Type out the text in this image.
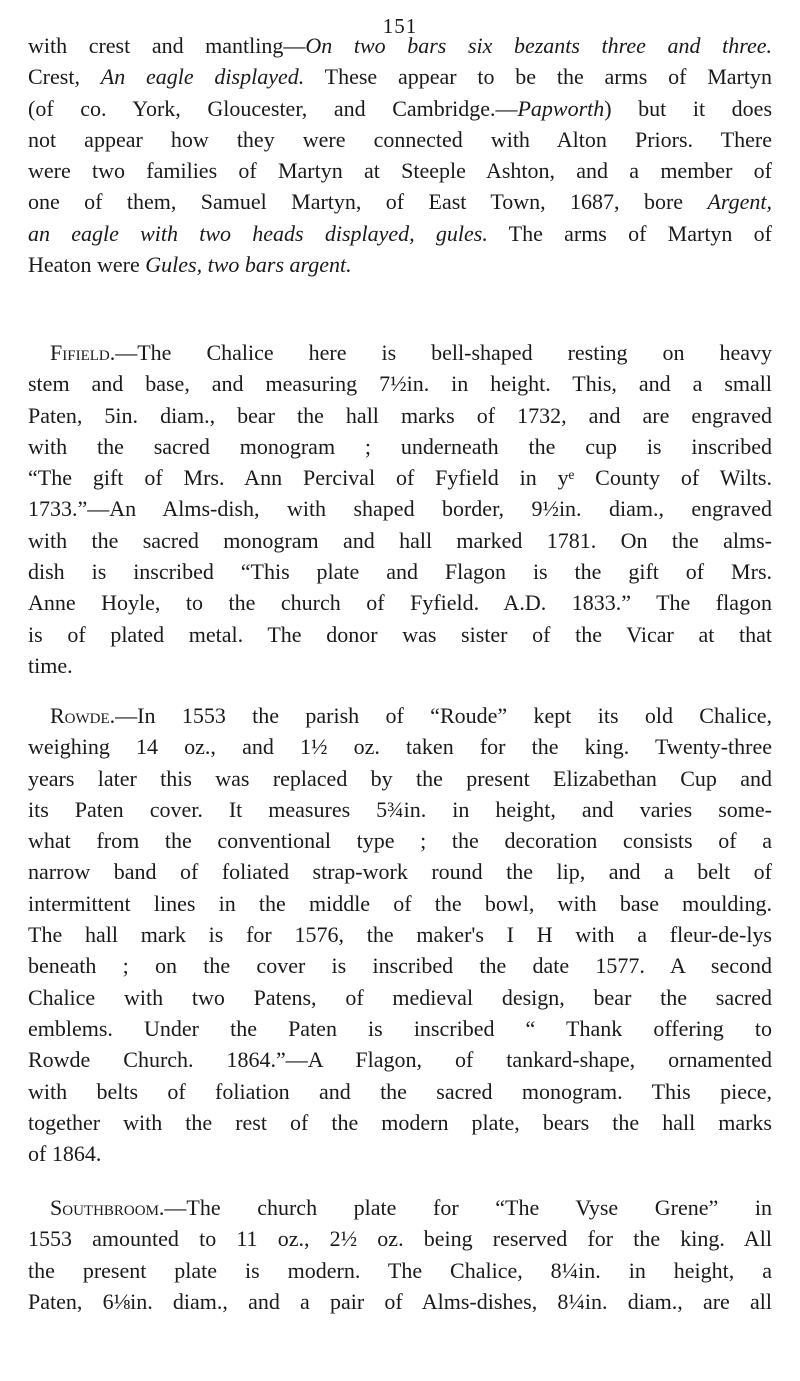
151
with crest and mantling—On two bars six bezants three and three.
Crest, An eagle displayed. These appear to be the arms of Martyn
(of co. York, Gloucester, and Cambridge.—Papworth) but it does
not appear how they were connected with Alton Priors. There
were two families of Martyn at Steeple Ashton, and a member of
one of them, Samuel Martyn, of East Town, 1687, bore Argent,
an eagle with two heads displayed, gules. The arms of Martyn of
Heaton were Gules, two bars argent.
Fifield.—The Chalice here is bell-shaped resting on heavy
stem and base, and measuring 7½in. in height. This, and a small
Paten, 5in. diam., bear the hall marks of 1732, and are engraved
with the sacred monogram ; underneath the cup is inscribed
“The gift of Mrs. Ann Percival of Fyfield in yᵉ County of Wilts.
1733.”—An Alms-dish, with shaped border, 9½in. diam., engraved
with the sacred monogram and hall marked 1781. On the alms-
dish is inscribed “This plate and Flagon is the gift of Mrs.
Anne Hoyle, to the church of Fyfield. A.D. 1833.” The flagon
is of plated metal. The donor was sister of the Vicar at that
time.
Rowde.—In 1553 the parish of “Roude” kept its old Chalice,
weighing 14 oz., and 1½ oz. taken for the king. Twenty-three
years later this was replaced by the present Elizabethan Cup and
its Paten cover. It measures 5¾in. in height, and varies some-
what from the conventional type ; the decoration consists of a
narrow band of foliated strap-work round the lip, and a belt of
intermittent lines in the middle of the bowl, with base moulding.
The hall mark is for 1576, the maker's I H with a fleur-de-lys
beneath ; on the cover is inscribed the date 1577. A second
Chalice with two Patens, of medieval design, bear the sacred
emblems. Under the Paten is inscribed “ Thank offering to
Rowde Church. 1864.”—A Flagon, of tankard-shape, ornamented
with belts of foliation and the sacred monogram. This piece,
together with the rest of the modern plate, bears the hall marks
of 1864.
Southbroom.—The church plate for “The Vyse Grene” in
1553 amounted to 11 oz., 2½ oz. being reserved for the king. All
the present plate is modern. The Chalice, 8¼in. in height, a
Paten, 6⅛in. diam., and a pair of Alms-dishes, 8¼in. diam., are all
